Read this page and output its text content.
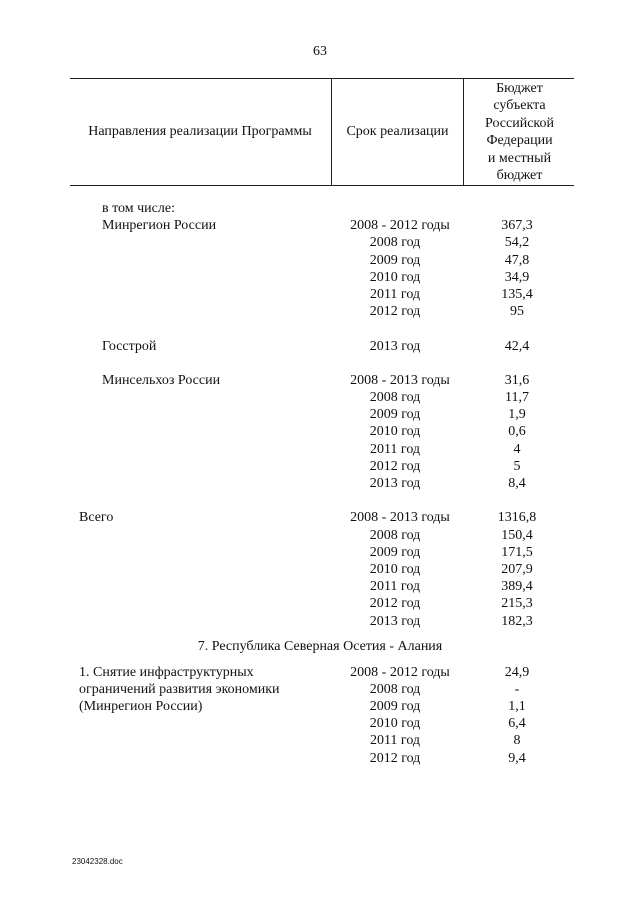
63
Направления реализации Программы	Срок реализации
Бюджет
субъекта
Российской
Федерации
и местный
бюджет
в том числе:
Минрегион России	2008 - 2012 годы	367,3
2008 год	54,2
2009 год	47,8
2010 год	34,9
2011 год	135,4
2012 год	95
Госстрой	2013 год	42,4
Минсельхоз России	2008 - 2013 годы	31,6
2008 год	11,7
2009 год	1,9
2010 год	0,6
2011 год	4
2012 год	5
2013 год	8,4
Всего	2008 - 2013 годы	1316,8
2008 год	150,4
2009 год	171,5
2010 год	207,9
2011 год	389,4
2012 год	215,3
2013 год	182,3
7. Республика Северная Осетия - Алания
1. Снятие инфраструктурных	2008 - 2012 годы	24,9
ограничений развития экономики	2008 год	-
(Минрегион России)	2009 год	1,1
2010 год	6,4
2011 год	8
2012 год	9,4
23042328.doc
